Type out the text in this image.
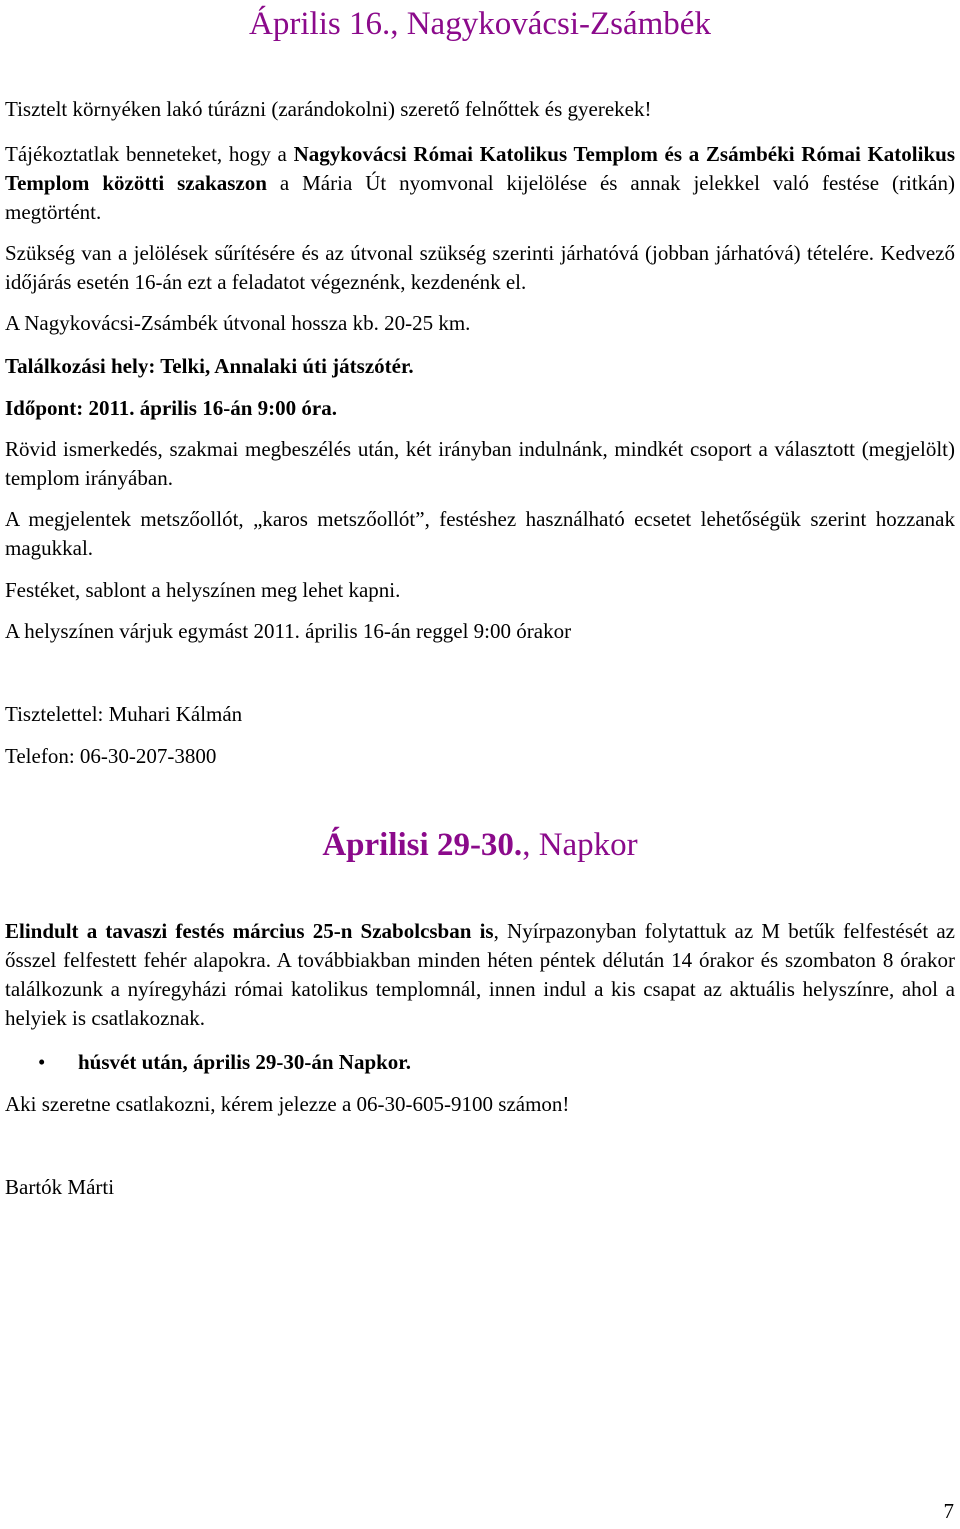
Április 16., Nagykovácsi-Zsámbék

Tisztelt környéken lakó túrázni (zarándokolni) szerető felnőttek és gyerekek!

Tájékoztatlak benneteket, hogy a Nagykovácsi Római Katolikus Templom és a Zsámbéki Római Katolikus Templom közötti szakaszon a Mária Út nyomvonal kijelölése és annak jelekkel való festése (ritkán) megtörtént.

Szükség van a jelölések sűrítésére és az útvonal szükség szerinti járhatóvá (jobban járhatóvá) tételére. Kedvező időjárás esetén 16-án ezt a feladatot végeznénk, kezdenénk el.

A Nagykovácsi-Zsámbék útvonal hossza kb. 20-25 km.

Találkozási hely: Telki, Annalaki úti játszótér.

Időpont: 2011. április 16-án 9:00 óra.

Rövid ismerkedés, szakmai megbeszélés után, két irányban indulnánk, mindkét csoport a választott (megjelölt) templom irányában.

A megjelentek metszőollót, „karos metszőollót”, festéshez használható ecsetet lehetőségük szerint hozzanak magukkal.

Festéket, sablont a helyszínen meg lehet kapni.

A helyszínen várjuk egymást 2011. április 16-án reggel 9:00 órakor

Tisztelettel: Muhari Kálmán

Telefon: 06-30-207-3800

Áprilisi 29-30., Napkor

Elindult a tavaszi festés március 25-n Szabolcsban is, Nyírpazonyban folytattuk az M betűk felfestését az ősszel felfestett fehér alapokra. A továbbiakban minden héten péntek délután 14 órakor és szombaton 8 órakor találkozunk a nyíregyházi római katolikus templomnál, innen indul a kis csapat az aktuális helyszínre, ahol a helyiek is csatlakoznak.

• húsvét után, április 29-30-án Napkor.

Aki szeretne csatlakozni, kérem jelezze a 06-30-605-9100 számon!

Bartók Márti

7
